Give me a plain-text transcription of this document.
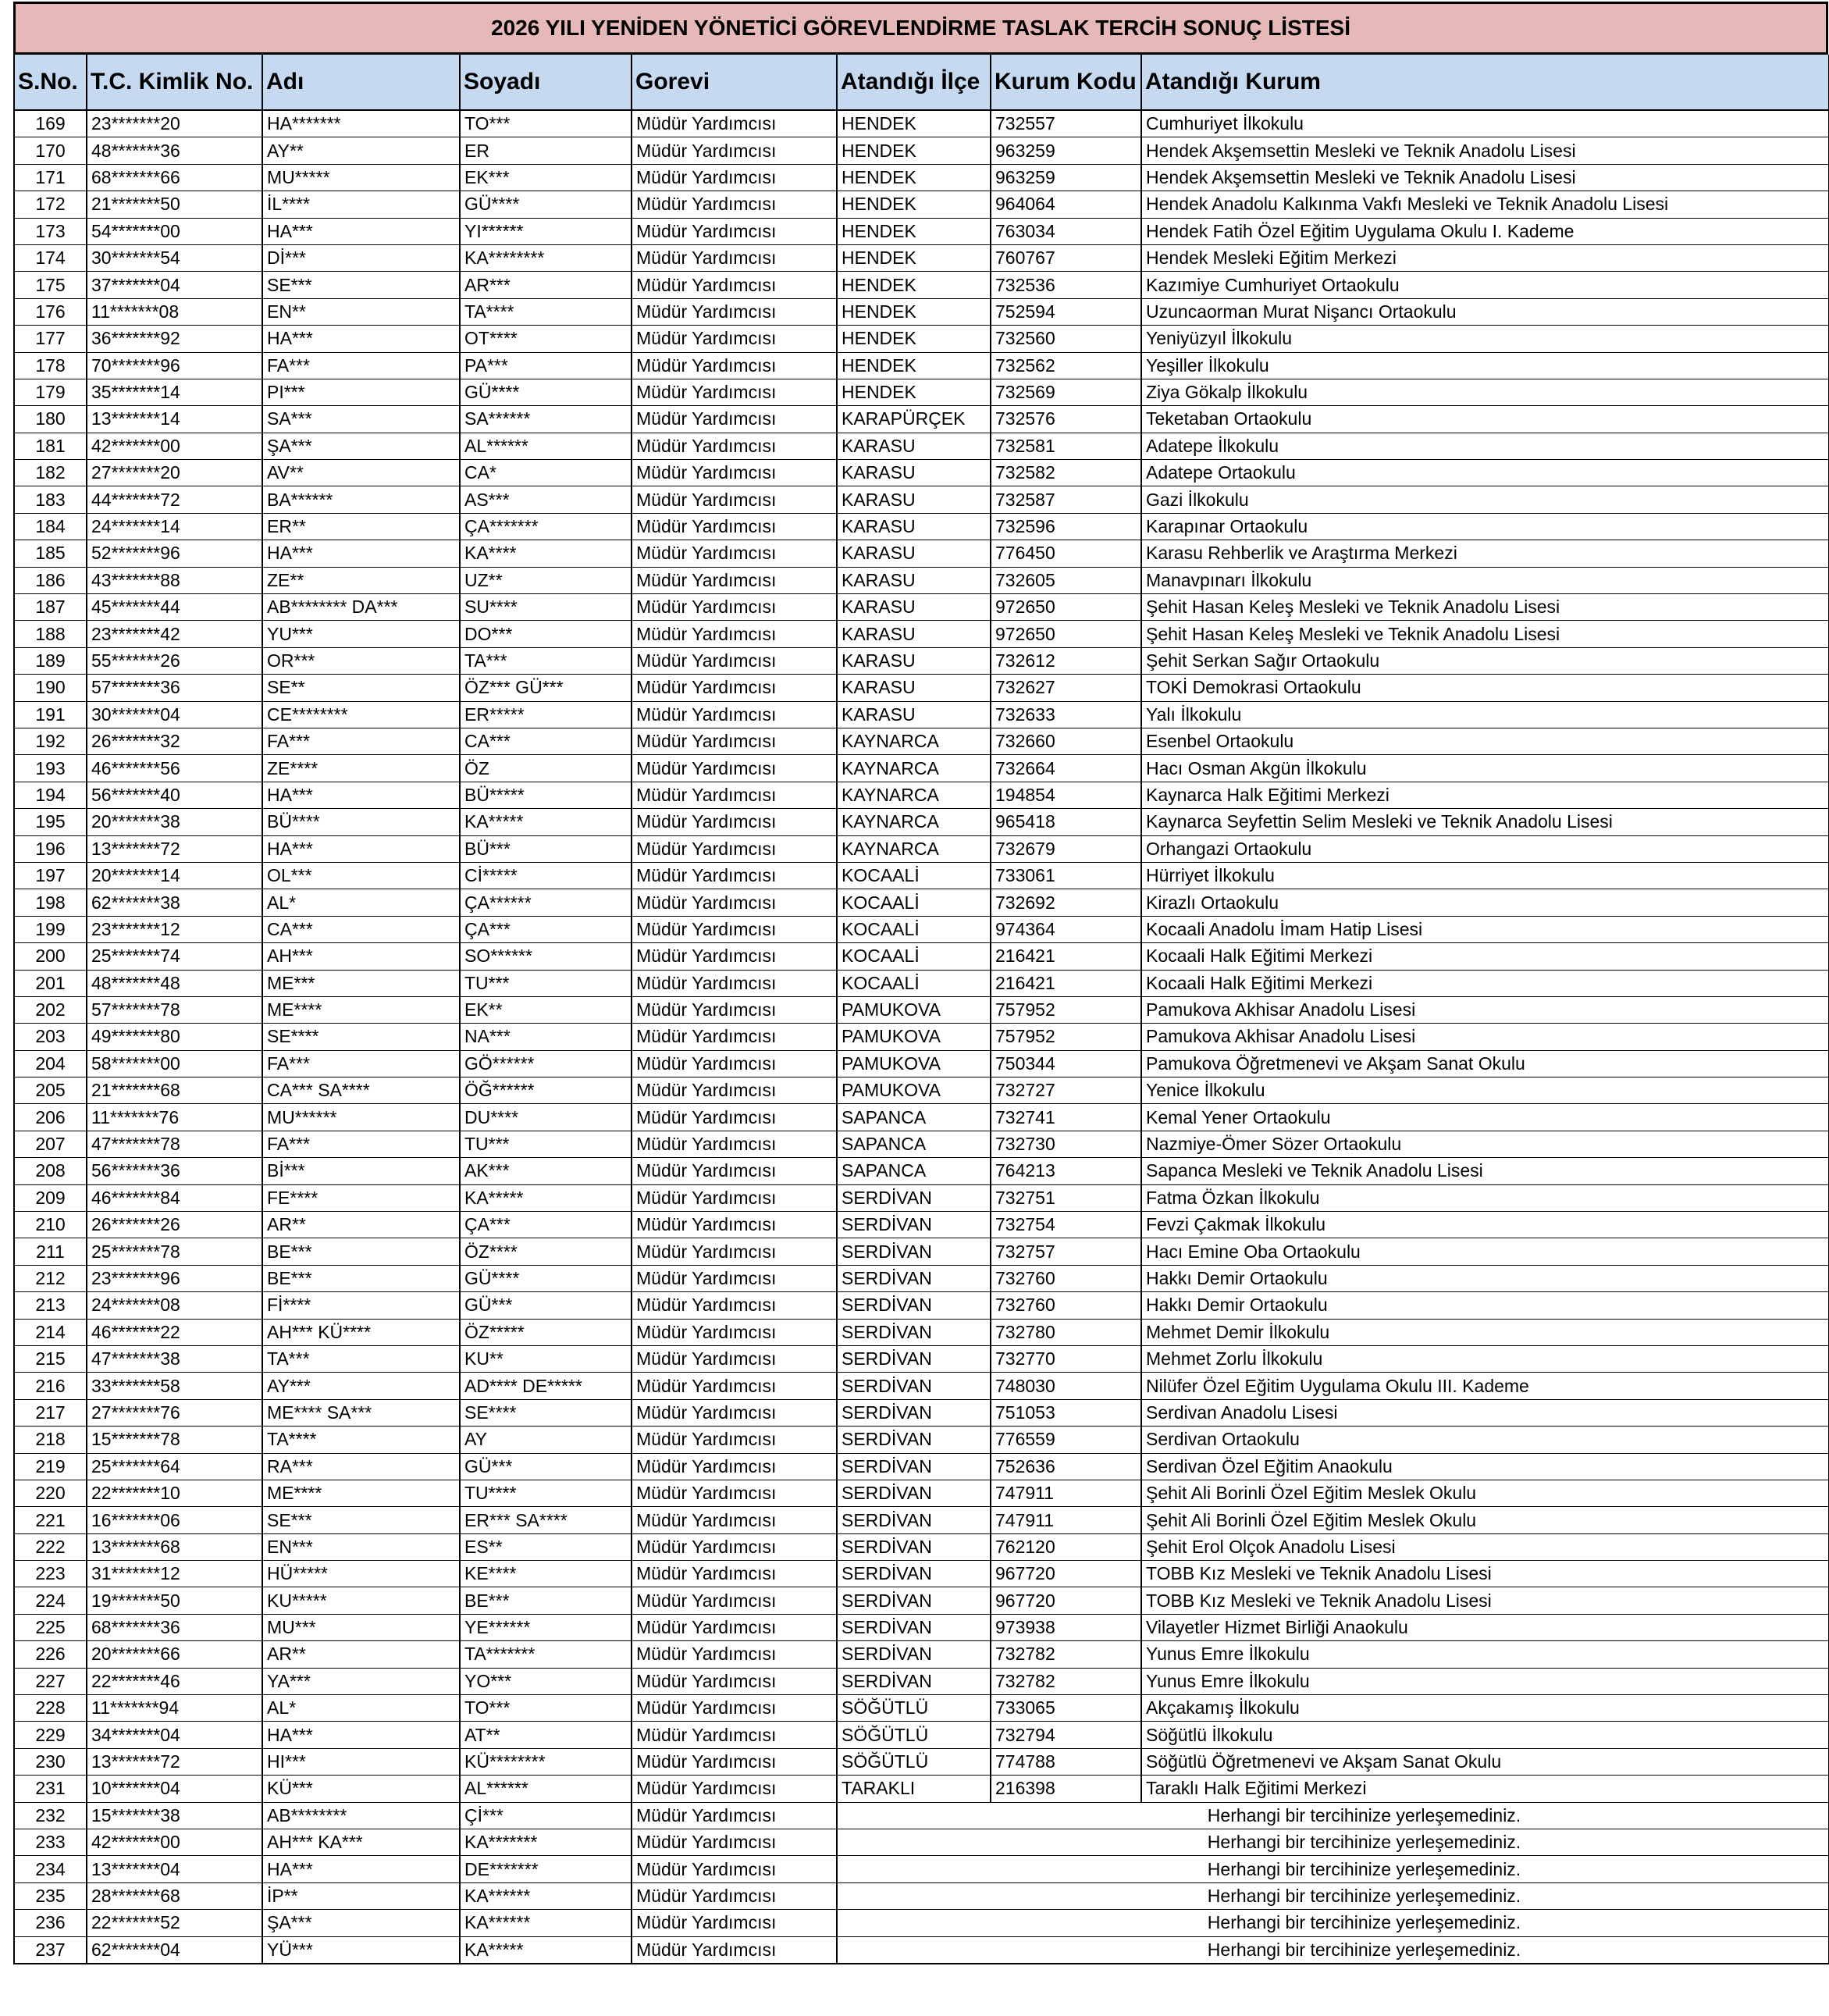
2026 YILI YENİDEN YÖNETİCİ GÖREVLENDİRME TASLAK TERCİH SONUÇ LİSTESİ
S.No.	T.C. Kimlik No.	Adı	Soyadı	Gorevi	Atandığı İlçe	Kurum Kodu	Atandığı Kurum
169	23*******20	HA*******	TO***	Müdür Yardımcısı	HENDEK	732557	Cumhuriyet İlkokulu
170	48*******36	AY**	ER	Müdür Yardımcısı	HENDEK	963259	Hendek Akşemsettin Mesleki ve Teknik Anadolu Lisesi
171	68*******66	MU*****	EK***	Müdür Yardımcısı	HENDEK	963259	Hendek Akşemsettin Mesleki ve Teknik Anadolu Lisesi
172	21*******50	İL****	GÜ****	Müdür Yardımcısı	HENDEK	964064	Hendek Anadolu Kalkınma Vakfı Mesleki ve Teknik Anadolu Lisesi
173	54*******00	HA***	YI******	Müdür Yardımcısı	HENDEK	763034	Hendek Fatih Özel Eğitim Uygulama Okulu I. Kademe
174	30*******54	Dİ***	KA********	Müdür Yardımcısı	HENDEK	760767	Hendek Mesleki Eğitim Merkezi
175	37*******04	SE***	AR***	Müdür Yardımcısı	HENDEK	732536	Kazımiye Cumhuriyet Ortaokulu
176	11*******08	EN**	TA****	Müdür Yardımcısı	HENDEK	752594	Uzuncaorman Murat Nişancı Ortaokulu
177	36*******92	HA***	OT****	Müdür Yardımcısı	HENDEK	732560	Yeniyüzyıl İlkokulu
178	70*******96	FA***	PA***	Müdür Yardımcısı	HENDEK	732562	Yeşiller İlkokulu
179	35*******14	PI***	GÜ****	Müdür Yardımcısı	HENDEK	732569	Ziya Gökalp İlkokulu
180	13*******14	SA***	SA******	Müdür Yardımcısı	KARAPÜRÇEK	732576	Teketaban Ortaokulu
181	42*******00	ŞA***	AL******	Müdür Yardımcısı	KARASU	732581	Adatepe İlkokulu
182	27*******20	AV**	CA*	Müdür Yardımcısı	KARASU	732582	Adatepe Ortaokulu
183	44*******72	BA******	AS***	Müdür Yardımcısı	KARASU	732587	Gazi İlkokulu
184	24*******14	ER**	ÇA*******	Müdür Yardımcısı	KARASU	732596	Karapınar Ortaokulu
185	52*******96	HA***	KA****	Müdür Yardımcısı	KARASU	776450	Karasu Rehberlik ve Araştırma Merkezi
186	43*******88	ZE**	UZ**	Müdür Yardımcısı	KARASU	732605	Manavpınarı İlkokulu
187	45*******44	AB******** DA***	SU****	Müdür Yardımcısı	KARASU	972650	Şehit Hasan Keleş Mesleki ve Teknik Anadolu Lisesi
188	23*******42	YU***	DO***	Müdür Yardımcısı	KARASU	972650	Şehit Hasan Keleş Mesleki ve Teknik Anadolu Lisesi
189	55*******26	OR***	TA***	Müdür Yardımcısı	KARASU	732612	Şehit Serkan Sağır Ortaokulu
190	57*******36	SE**	ÖZ*** GÜ***	Müdür Yardımcısı	KARASU	732627	TOKİ Demokrasi Ortaokulu
191	30*******04	CE********	ER*****	Müdür Yardımcısı	KARASU	732633	Yalı İlkokulu
192	26*******32	FA***	CA***	Müdür Yardımcısı	KAYNARCA	732660	Esenbel Ortaokulu
193	46*******56	ZE****	ÖZ	Müdür Yardımcısı	KAYNARCA	732664	Hacı Osman Akgün İlkokulu
194	56*******40	HA***	BÜ*****	Müdür Yardımcısı	KAYNARCA	194854	Kaynarca Halk Eğitimi Merkezi
195	20*******38	BÜ****	KA*****	Müdür Yardımcısı	KAYNARCA	965418	Kaynarca Seyfettin Selim Mesleki ve Teknik Anadolu Lisesi
196	13*******72	HA***	BÜ***	Müdür Yardımcısı	KAYNARCA	732679	Orhangazi Ortaokulu
197	20*******14	OL***	Cİ*****	Müdür Yardımcısı	KOCAALİ	733061	Hürriyet İlkokulu
198	62*******38	AL*	ÇA******	Müdür Yardımcısı	KOCAALİ	732692	Kirazlı Ortaokulu
199	23*******12	CA***	ÇA***	Müdür Yardımcısı	KOCAALİ	974364	Kocaali Anadolu İmam Hatip Lisesi
200	25*******74	AH***	SO******	Müdür Yardımcısı	KOCAALİ	216421	Kocaali Halk Eğitimi Merkezi
201	48*******48	ME***	TU***	Müdür Yardımcısı	KOCAALİ	216421	Kocaali Halk Eğitimi Merkezi
202	57*******78	ME****	EK**	Müdür Yardımcısı	PAMUKOVA	757952	Pamukova Akhisar Anadolu Lisesi
203	49*******80	SE****	NA***	Müdür Yardımcısı	PAMUKOVA	757952	Pamukova Akhisar Anadolu Lisesi
204	58*******00	FA***	GÖ******	Müdür Yardımcısı	PAMUKOVA	750344	Pamukova Öğretmenevi ve Akşam Sanat Okulu
205	21*******68	CA*** SA****	ÖĞ******	Müdür Yardımcısı	PAMUKOVA	732727	Yenice İlkokulu
206	11*******76	MU******	DU****	Müdür Yardımcısı	SAPANCA	732741	Kemal Yener Ortaokulu
207	47*******78	FA***	TU***	Müdür Yardımcısı	SAPANCA	732730	Nazmiye-Ömer Sözer Ortaokulu
208	56*******36	Bİ***	AK***	Müdür Yardımcısı	SAPANCA	764213	Sapanca Mesleki ve Teknik Anadolu Lisesi
209	46*******84	FE****	KA*****	Müdür Yardımcısı	SERDİVAN	732751	Fatma Özkan İlkokulu
210	26*******26	AR**	ÇA***	Müdür Yardımcısı	SERDİVAN	732754	Fevzi Çakmak İlkokulu
211	25*******78	BE***	ÖZ****	Müdür Yardımcısı	SERDİVAN	732757	Hacı Emine Oba Ortaokulu
212	23*******96	BE***	GÜ****	Müdür Yardımcısı	SERDİVAN	732760	Hakkı Demir Ortaokulu
213	24*******08	Fİ****	GÜ***	Müdür Yardımcısı	SERDİVAN	732760	Hakkı Demir Ortaokulu
214	46*******22	AH*** KÜ****	ÖZ*****	Müdür Yardımcısı	SERDİVAN	732780	Mehmet Demir İlkokulu
215	47*******38	TA***	KU**	Müdür Yardımcısı	SERDİVAN	732770	Mehmet Zorlu İlkokulu
216	33*******58	AY***	AD**** DE*****	Müdür Yardımcısı	SERDİVAN	748030	Nilüfer Özel Eğitim Uygulama Okulu III. Kademe
217	27*******76	ME**** SA***	SE****	Müdür Yardımcısı	SERDİVAN	751053	Serdivan Anadolu Lisesi
218	15*******78	TA****	AY	Müdür Yardımcısı	SERDİVAN	776559	Serdivan Ortaokulu
219	25*******64	RA***	GÜ***	Müdür Yardımcısı	SERDİVAN	752636	Serdivan Özel Eğitim Anaokulu
220	22*******10	ME****	TU****	Müdür Yardımcısı	SERDİVAN	747911	Şehit Ali Borinli Özel Eğitim Meslek Okulu
221	16*******06	SE***	ER*** SA****	Müdür Yardımcısı	SERDİVAN	747911	Şehit Ali Borinli Özel Eğitim Meslek Okulu
222	13*******68	EN***	ES**	Müdür Yardımcısı	SERDİVAN	762120	Şehit Erol Olçok Anadolu Lisesi
223	31*******12	HÜ*****	KE****	Müdür Yardımcısı	SERDİVAN	967720	TOBB Kız Mesleki ve Teknik Anadolu Lisesi
224	19*******50	KU*****	BE***	Müdür Yardımcısı	SERDİVAN	967720	TOBB Kız Mesleki ve Teknik Anadolu Lisesi
225	68*******36	MU***	YE******	Müdür Yardımcısı	SERDİVAN	973938	Vilayetler Hizmet Birliği Anaokulu
226	20*******66	AR**	TA*******	Müdür Yardımcısı	SERDİVAN	732782	Yunus Emre İlkokulu
227	22*******46	YA***	YO***	Müdür Yardımcısı	SERDİVAN	732782	Yunus Emre İlkokulu
228	11*******94	AL*	TO***	Müdür Yardımcısı	SÖĞÜTLÜ	733065	Akçakamış İlkokulu
229	34*******04	HA***	AT**	Müdür Yardımcısı	SÖĞÜTLÜ	732794	Söğütlü İlkokulu
230	13*******72	HI***	KÜ********	Müdür Yardımcısı	SÖĞÜTLÜ	774788	Söğütlü Öğretmenevi ve Akşam Sanat Okulu
231	10*******04	KÜ***	AL******	Müdür Yardımcısı	TARAKLI	216398	Taraklı Halk Eğitimi Merkezi
232	15*******38	AB********	Çİ***	Müdür Yardımcısı	Herhangi bir tercihinize yerleşemediniz.		
233	42*******00	AH*** KA***	KA*******	Müdür Yardımcısı	Herhangi bir tercihinize yerleşemediniz.		
234	13*******04	HA***	DE*******	Müdür Yardımcısı	Herhangi bir tercihinize yerleşemediniz.		
235	28*******68	İP**	KA******	Müdür Yardımcısı	Herhangi bir tercihinize yerleşemediniz.		
236	22*******52	ŞA***	KA******	Müdür Yardımcısı	Herhangi bir tercihinize yerleşemediniz.		
237	62*******04	YÜ***	KA*****	Müdür Yardımcısı	Herhangi bir tercihinize yerleşemediniz.		
